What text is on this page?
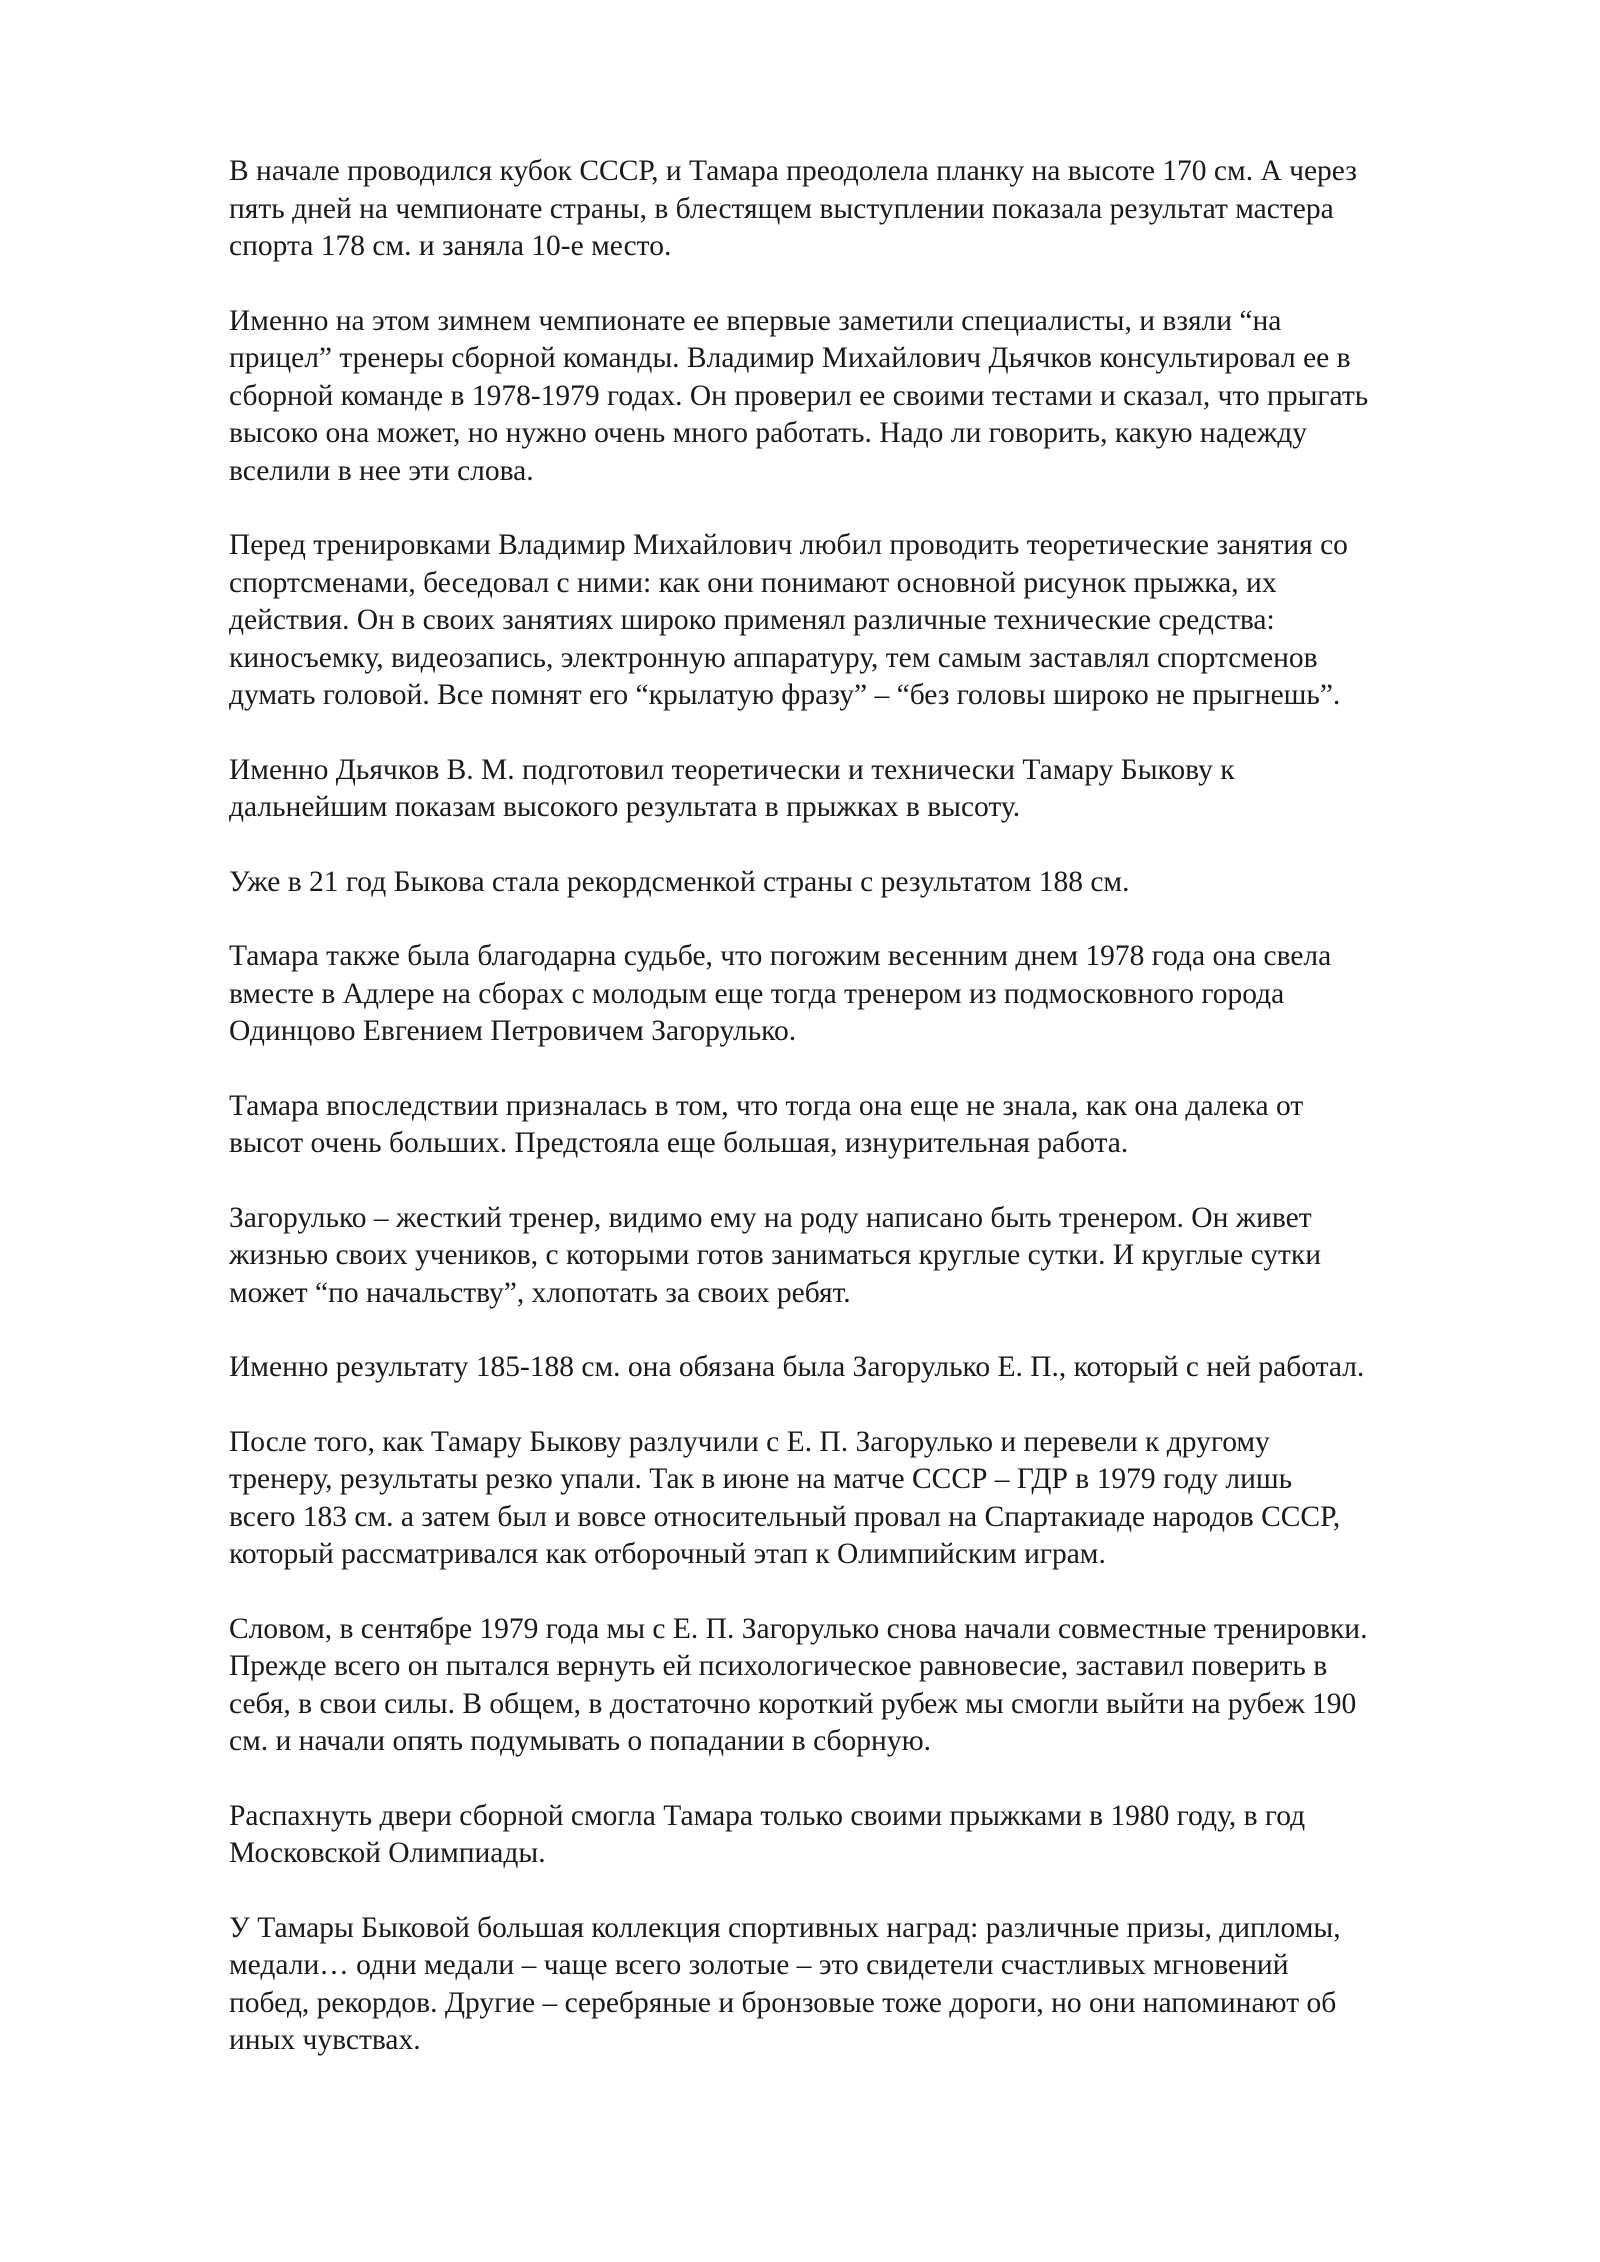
В начале проводился кубок СССР, и Тамара преодолела планку на высоте 170 см. А через
пять дней на чемпионате страны, в блестящем выступлении показала результат мастера
спорта 178 см. и заняла 10-е место.

Именно на этом зимнем чемпионате ее впервые заметили специалисты, и взяли “на
прицел” тренеры сборной команды. Владимир Михайлович Дьячков консультировал ее в
сборной команде в 1978-1979 годах. Он проверил ее своими тестами и сказал, что прыгать
высоко она может, но нужно очень много работать. Надо ли говорить, какую надежду
вселили в нее эти слова.

Перед тренировками Владимир Михайлович любил проводить теоретические занятия со
спортсменами, беседовал с ними: как они понимают основной рисунок прыжка, их
действия. Он в своих занятиях широко применял различные технические средства:
киносъемку, видеозапись, электронную аппаратуру, тем самым заставлял спортсменов
думать головой. Все помнят его “крылатую фразу” – “без головы широко не прыгнешь”.

Именно Дьячков В. М. подготовил теоретически и технически Тамару Быкову к
дальнейшим показам высокого результата в прыжках в высоту.

Уже в 21 год Быкова стала рекордсменкой страны с результатом 188 см.

Тамара также была благодарна судьбе, что погожим весенним днем 1978 года она свела
вместе в Адлере на сборах с молодым еще тогда тренером из подмосковного города
Одинцово Евгением Петровичем Загорулько.

Тамара впоследствии призналась в том, что тогда она еще не знала, как она далека от
высот очень больших. Предстояла еще большая, изнурительная работа.

Загорулько – жесткий тренер, видимо ему на роду написано быть тренером. Он живет
жизнью своих учеников, с которыми готов заниматься круглые сутки. И круглые сутки
может “по начальству”, хлопотать за своих ребят.

Именно результату 185-188 см. она обязана была Загорулько Е. П., который с ней работал.

После того, как Тамару Быкову разлучили с Е. П. Загорулько и перевели к другому
тренеру, результаты резко упали. Так в июне на матче СССР – ГДР в 1979 году лишь
всего 183 см. а затем был и вовсе относительный провал на Спартакиаде народов СССР,
который рассматривался как отборочный этап к Олимпийским играм.

Словом, в сентябре 1979 года мы с Е. П. Загорулько снова начали совместные тренировки.
Прежде всего он пытался вернуть ей психологическое равновесие, заставил поверить в
себя, в свои силы. В общем, в достаточно короткий рубеж мы смогли выйти на рубеж 190
см. и начали опять подумывать о попадании в сборную.

Распахнуть двери сборной смогла Тамара только своими прыжками в 1980 году, в год
Московской Олимпиады.

У Тамары Быковой большая коллекция спортивных наград: различные призы, дипломы,
медали… одни медали – чаще всего золотые – это свидетели счастливых мгновений
побед, рекордов. Другие – серебряные и бронзовые тоже дороги, но они напоминают об
иных чувствах.
